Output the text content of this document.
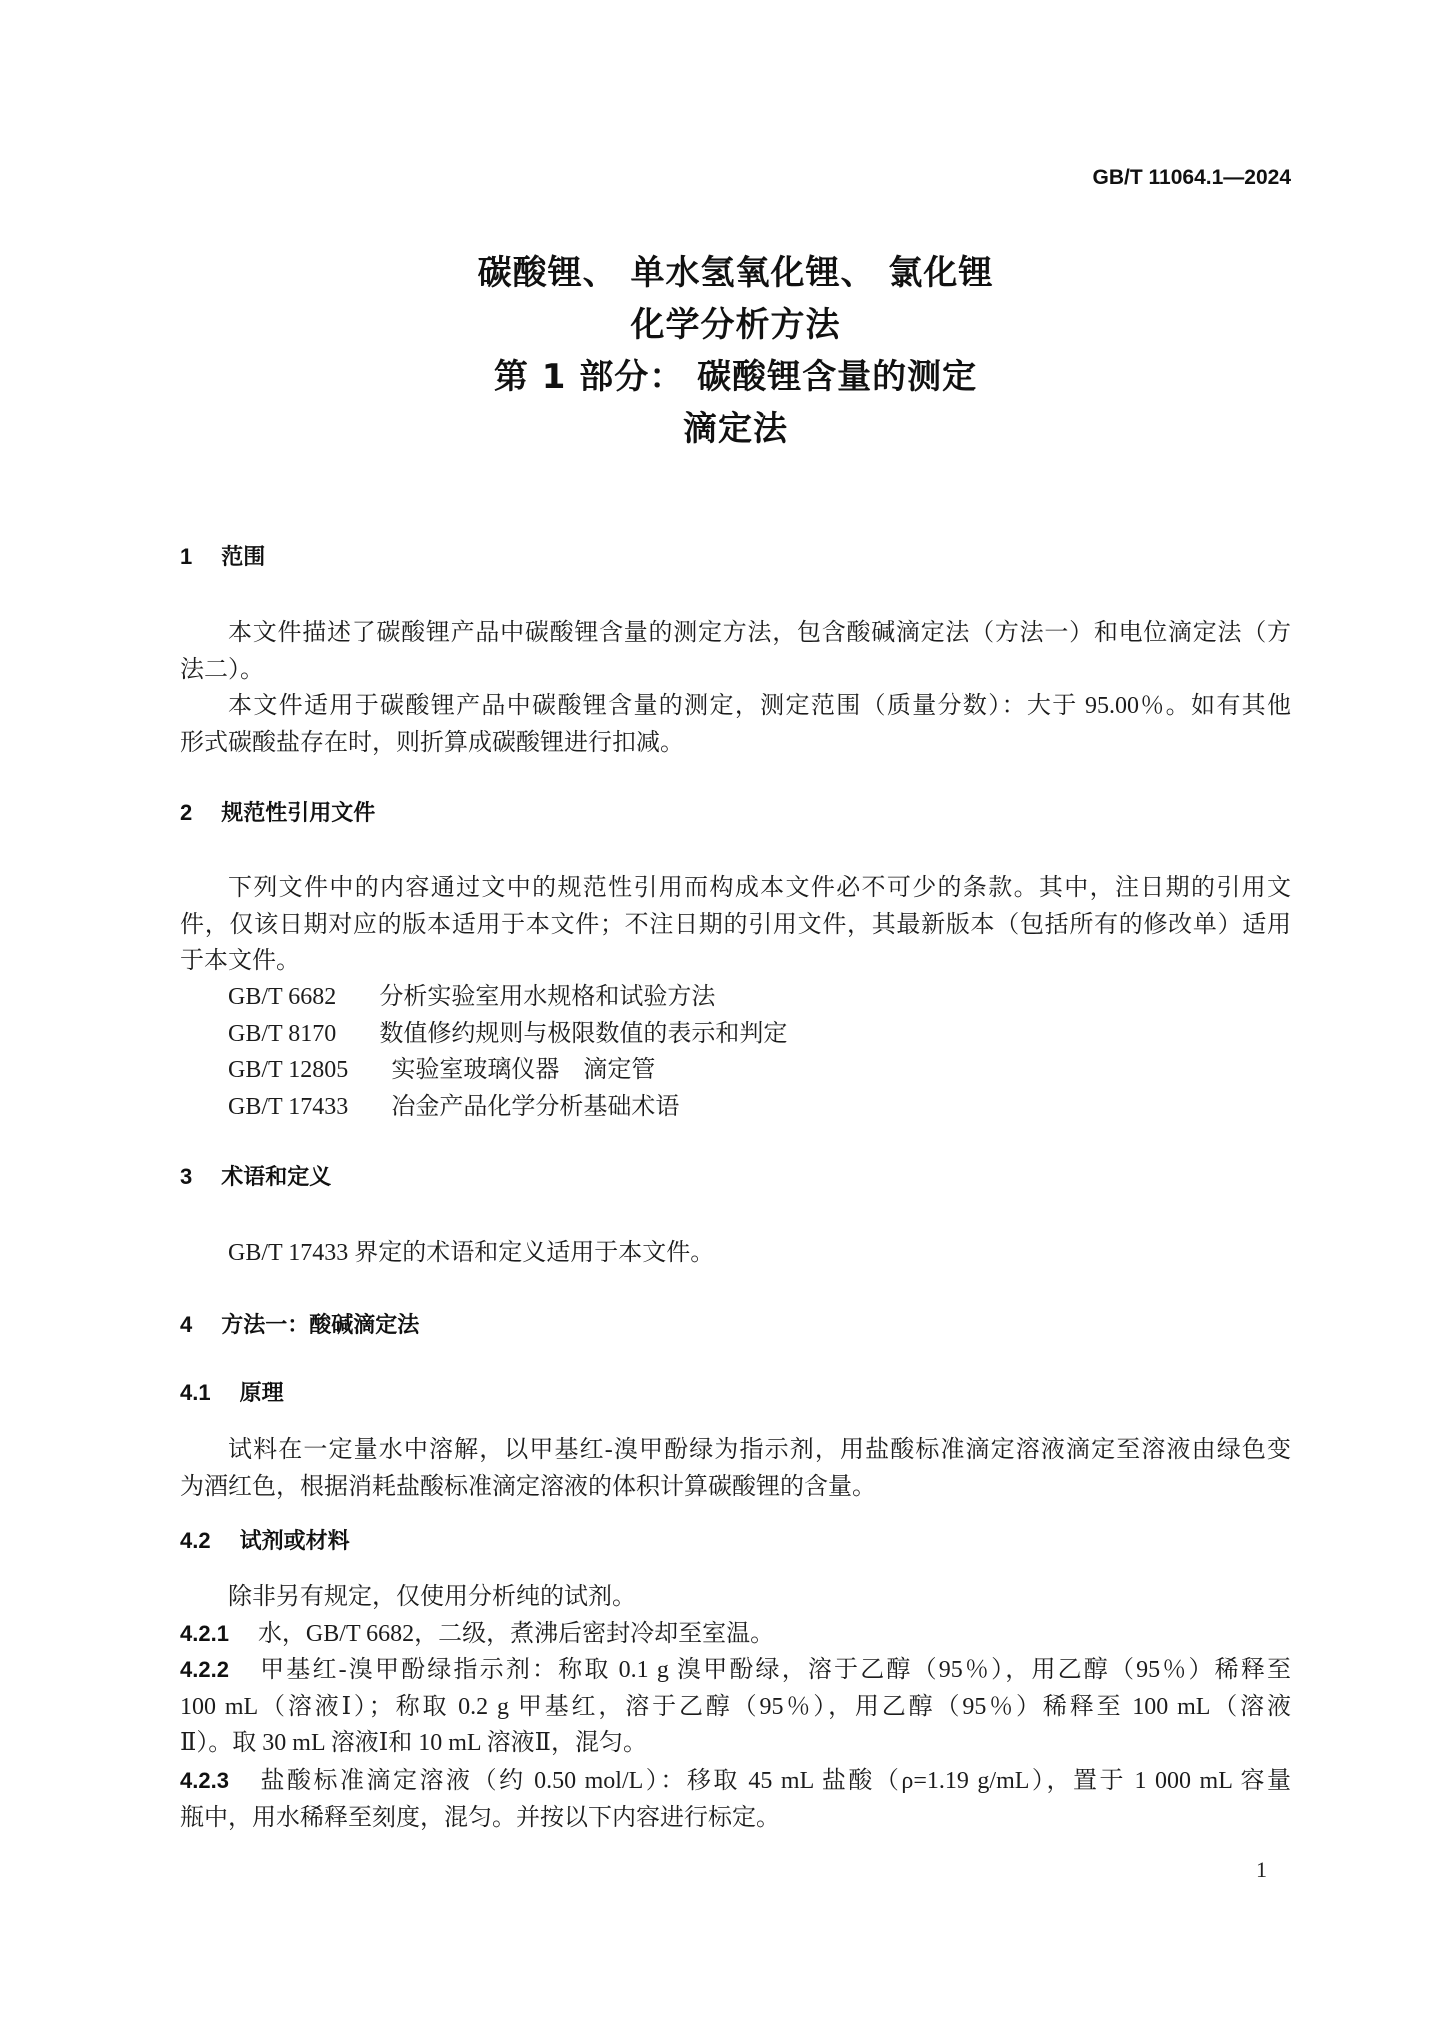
GB/T 11064.1—2024
碳酸锂、 单水氢氧化锂、 氯化锂
化学分析方法
第 1 部分： 碳酸锂含量的测定
滴定法
1 范围
本文件描述了碳酸锂产品中碳酸锂含量的测定方法，包含酸碱滴定法（方法一）和电位滴定法（方
法二）。
本文件适用于碳酸锂产品中碳酸锂含量的测定，测定范围（质量分数）：大于 95.00％。如有其他
形式碳酸盐存在时，则折算成碳酸锂进行扣减。
2 规范性引用文件
下列文件中的内容通过文中的规范性引用而构成本文件必不可少的条款。其中，注日期的引用文
件，仅该日期对应的版本适用于本文件；不注日期的引用文件，其最新版本（包括所有的修改单）适用
于本文件。
GB/T 6682 分析实验室用水规格和试验方法
GB/T 8170 数值修约规则与极限数值的表示和判定
GB/T 12805 实验室玻璃仪器　滴定管
GB/T 17433 冶金产品化学分析基础术语
3 术语和定义
GB/T 17433 界定的术语和定义适用于本文件。
4 方法一：酸碱滴定法
4.1 原理
试料在一定量水中溶解，以甲基红-溴甲酚绿为指示剂，用盐酸标准滴定溶液滴定至溶液由绿色变
为酒红色，根据消耗盐酸标准滴定溶液的体积计算碳酸锂的含量。
4.2 试剂或材料
除非另有规定，仅使用分析纯的试剂。
4.2.1 水，GB/T 6682，二级，煮沸后密封冷却至室温。
4.2.2 甲基红-溴甲酚绿指示剂：称取 0.1 g 溴甲酚绿，溶于乙醇（95％），用乙醇（95％）稀释至
100 mL（溶液Ⅰ）；称取 0.2 g 甲基红，溶于乙醇（95％），用乙醇（95％）稀释至 100 mL（溶液
Ⅱ）。取 30 mL 溶液Ⅰ和 10 mL 溶液Ⅱ，混匀。
4.2.3 盐酸标准滴定溶液（约 0.50 mol/L）：移取 45 mL 盐酸（ρ=1.19 g/mL），置于 1 000 mL 容量
瓶中，用水稀释至刻度，混匀。并按以下内容进行标定。
1
